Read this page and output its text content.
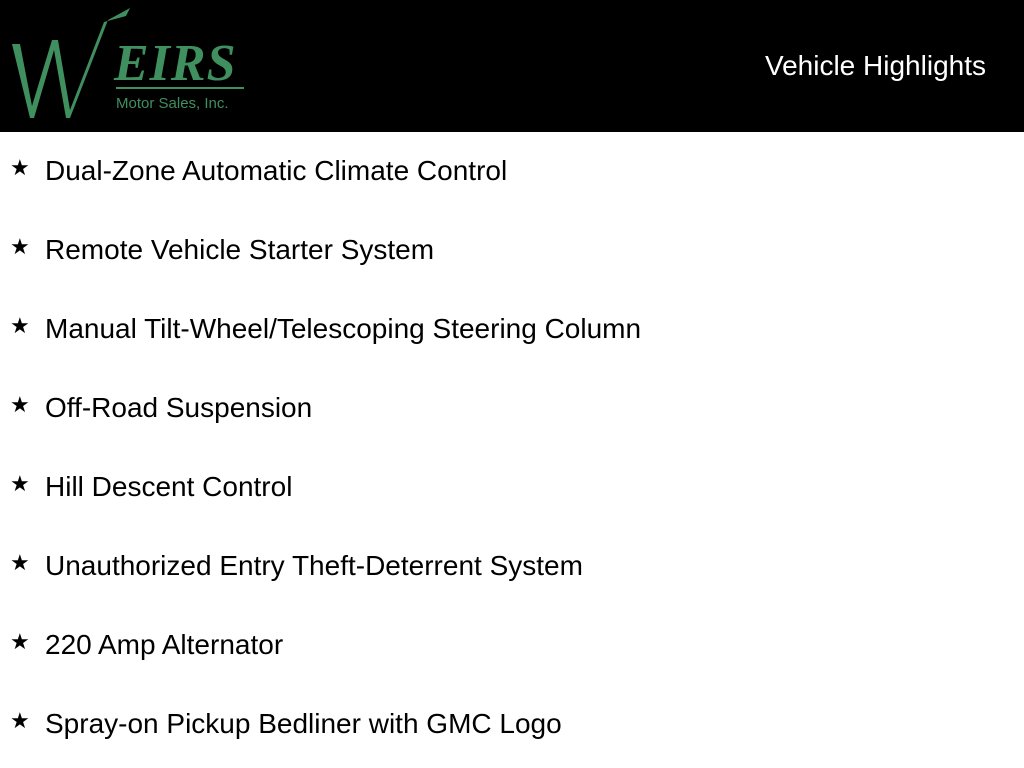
EIRS
Motor Sales, Inc.
Vehicle Highlights
★ Dual-Zone Automatic Climate Control
★ Remote Vehicle Starter System
★ Manual Tilt-Wheel/Telescoping Steering Column
★ Off-Road Suspension
★ Hill Descent Control
★ Unauthorized Entry Theft-Deterrent System
★ 220 Amp Alternator
★ Spray-on Pickup Bedliner with GMC Logo
